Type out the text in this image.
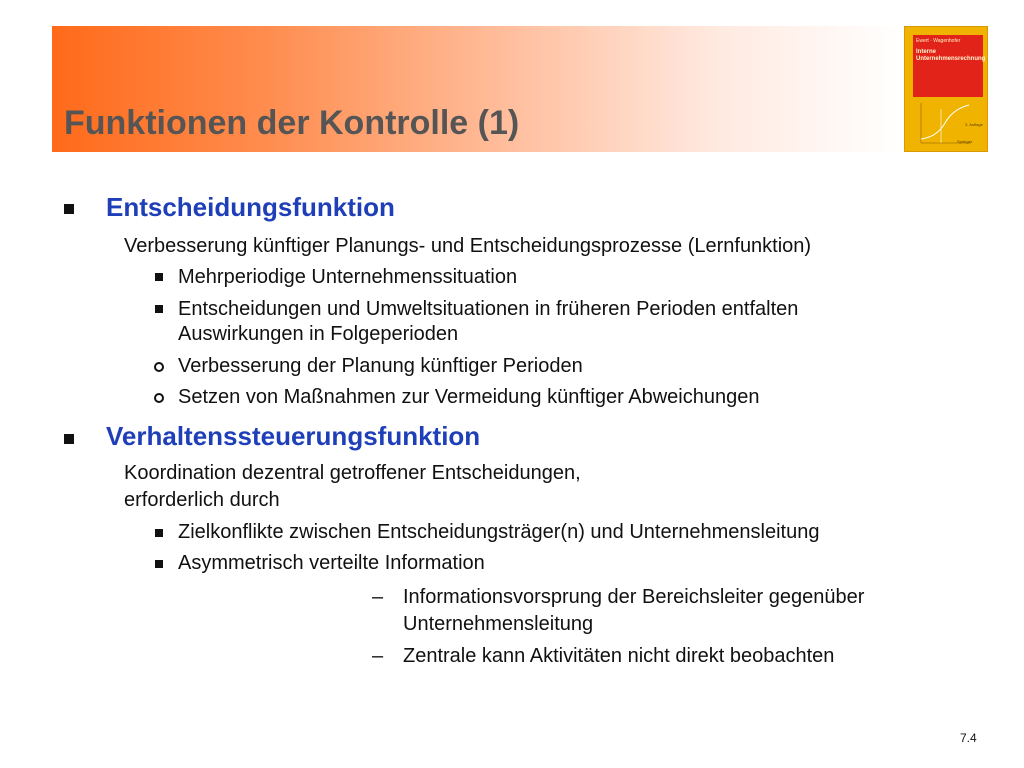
Funktionen der Kontrolle (1)
Ewert · Wagenhofer
Interne
Unternehmensrechnung
3. Auflage
Springer
Entscheidungsfunktion
Verbesserung künftiger Planungs- und Entscheidungsprozesse (Lernfunktion)
Mehrperiodige Unternehmenssituation
Entscheidungen und Umweltsituationen in früheren Perioden entfalten
Auswirkungen in Folgeperioden
Verbesserung der Planung künftiger Perioden
Setzen von Maßnahmen zur Vermeidung künftiger Abweichungen
Verhaltenssteuerungsfunktion
Koordination dezentral getroffener Entscheidungen,
erforderlich durch
Zielkonflikte zwischen Entscheidungsträger(n) und Unternehmensleitung
Asymmetrisch verteilte Information
– Informationsvorsprung der Bereichsleiter gegenüber
Unternehmensleitung
– Zentrale kann Aktivitäten nicht direkt beobachten
7.4
